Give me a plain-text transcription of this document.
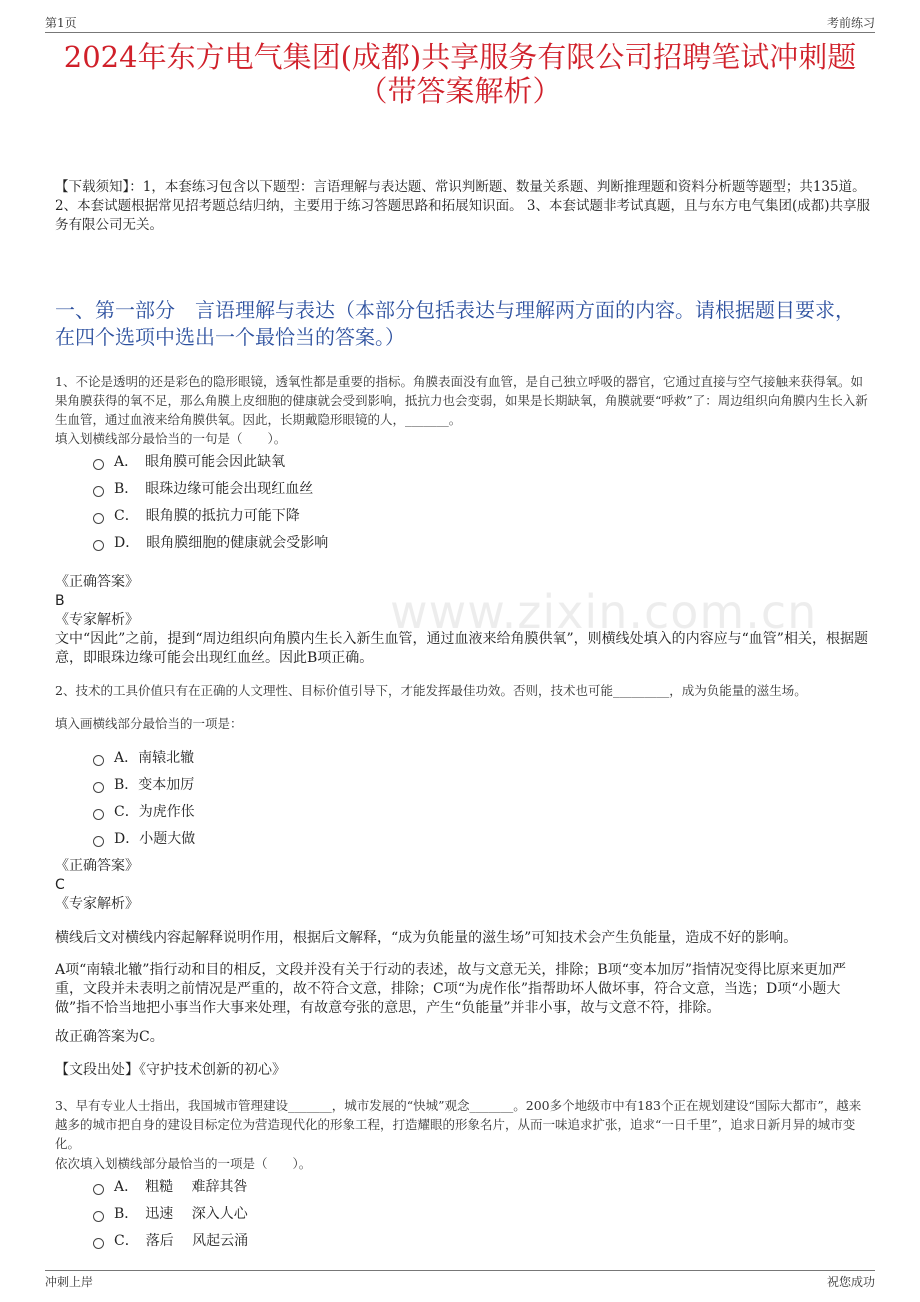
第1页	考前练习
2024年东方电气集团(成都)共享服务有限公司招聘笔试冲刺题
（带答案解析）
【下载须知】：1，本套练习包含以下题型：言语理解与表达题、常识判断题、数量关系题、判断推理题和资料分析题等题型；共135道。 2、本套试题根据常见招考题总结归纳，主要用于练习答题思路和拓展知识面。 3、本套试题非考试真题，且与东方电气集团(成都)共享服务有限公司无关。
一、第一部分　言语理解与表达（本部分包括表达与理解两方面的内容。请根据题目要求，在四个选项中选出一个最恰当的答案。）
www.zixin.com.cn
1、不论是透明的还是彩色的隐形眼镜，透氧性都是重要的指标。角膜表面没有血管，是自己独立呼吸的器官，它通过直接与空气接触来获得氧。如果角膜获得的氧不足，那么角膜上皮细胞的健康就会受到影响，抵抗力也会变弱，如果是长期缺氧，角膜就要“呼救”了：周边组织向角膜内生长入新生血管，通过血液来给角膜供氧。因此，长期戴隐形眼镜的人，_______。
填入划横线部分最恰当的一句是（　　）。
A．　眼角膜可能会因此缺氧
B．　眼珠边缘可能会出现红血丝
C．　眼角膜的抵抗力可能下降
D．　眼角膜细胞的健康就会受影响
《正确答案》
B
《专家解析》
文中“因此”之前，提到“周边组织向角膜内生长入新生血管，通过血液来给角膜供氧”，则横线处填入的内容应与“血管”相关，根据题意，即眼珠边缘可能会出现红血丝。因此B项正确。
2、技术的工具价值只有在正确的人文理性、目标价值引导下，才能发挥最佳功效。否则，技术也可能_________，成为负能量的滋生场。
填入画横线部分最恰当的一项是：
A．南辕北辙
B．变本加厉
C．为虎作伥
D．小题大做
《正确答案》
C
《专家解析》
横线后文对横线内容起解释说明作用，根据后文解释，“成为负能量的滋生场”可知技术会产生负能量，造成不好的影响。
A项“南辕北辙”指行动和目的相反，文段并没有关于行动的表述，故与文意无关，排除；B项“变本加厉”指情况变得比原来更加严重，文段并未表明之前情况是严重的，故不符合文意，排除；C项“为虎作伥”指帮助坏人做坏事，符合文意，当选；D项“小题大做”指不恰当地把小事当作大事来处理，有故意夸张的意思，产生“负能量”并非小事，故与文意不符，排除。
故正确答案为C。
【文段出处】《守护技术创新的初心》
3、早有专业人士指出，我国城市管理建设_______，城市发展的“快城”观念_______。200多个地级市中有183个正在规划建设“国际大都市”，越来越多的城市把自身的建设目标定位为营造现代化的形象工程，打造耀眼的形象名片，从而一味追求扩张，追求“一日千里”，追求日新月异的城市变化。
依次填入划横线部分最恰当的一项是（　　）。
A．　粗糙　 难辞其咎
B．　迅速　 深入人心
C．　落后　 风起云涌
冲刺上岸	祝您成功
